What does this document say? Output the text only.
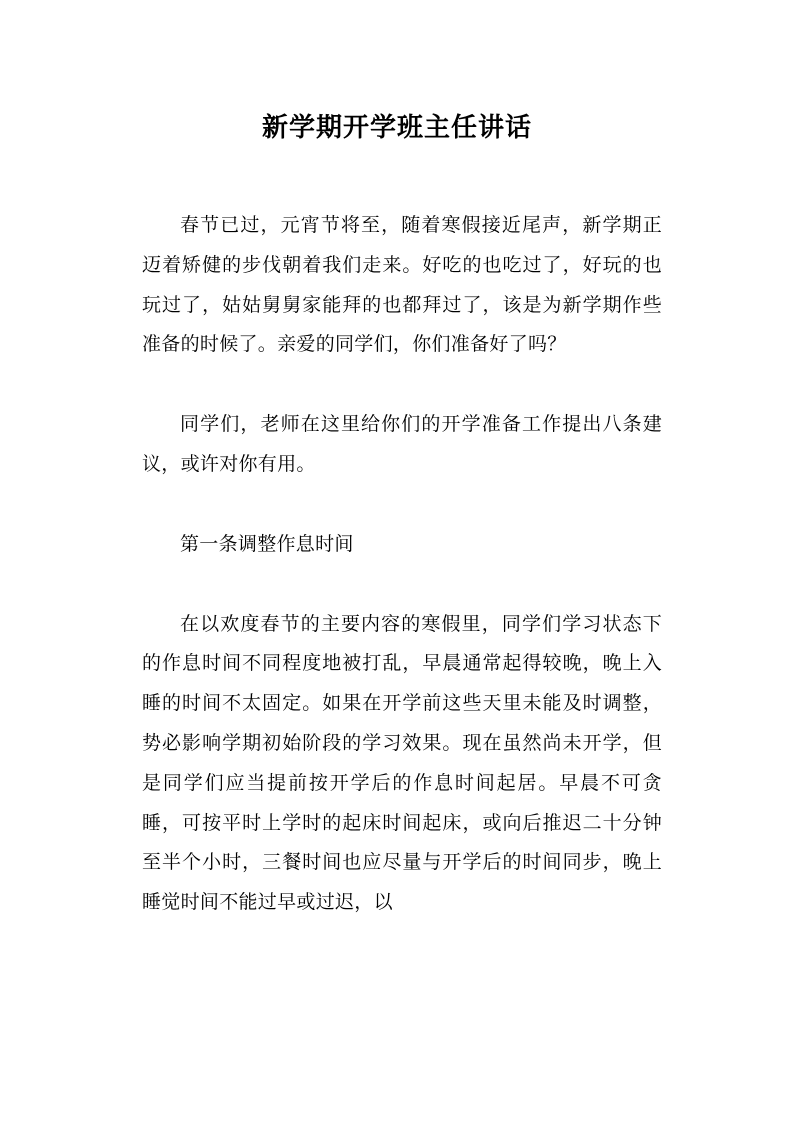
新学期开学班主任讲话

春节已过，元宵节将至，随着寒假接近尾声，新学期正迈着矫健的步伐朝着我们走来。好吃的也吃过了，好玩的也玩过了，姑姑舅舅家能拜的也都拜过了，该是为新学期作些准备的时候了。亲爱的同学们，你们准备好了吗？

同学们，老师在这里给你们的开学准备工作提出八条建议，或许对你有用。

第一条调整作息时间

在以欢度春节的主要内容的寒假里，同学们学习状态下的作息时间不同程度地被打乱，早晨通常起得较晚，晚上入睡的时间不太固定。如果在开学前这些天里未能及时调整，势必影响学期初始阶段的学习效果。现在虽然尚未开学，但是同学们应当提前按开学后的作息时间起居。早晨不可贪睡，可按平时上学时的起床时间起床，或向后推迟二十分钟至半个小时，三餐时间也应尽量与开学后的时间同步，晚上睡觉时间不能过早或过迟，以
